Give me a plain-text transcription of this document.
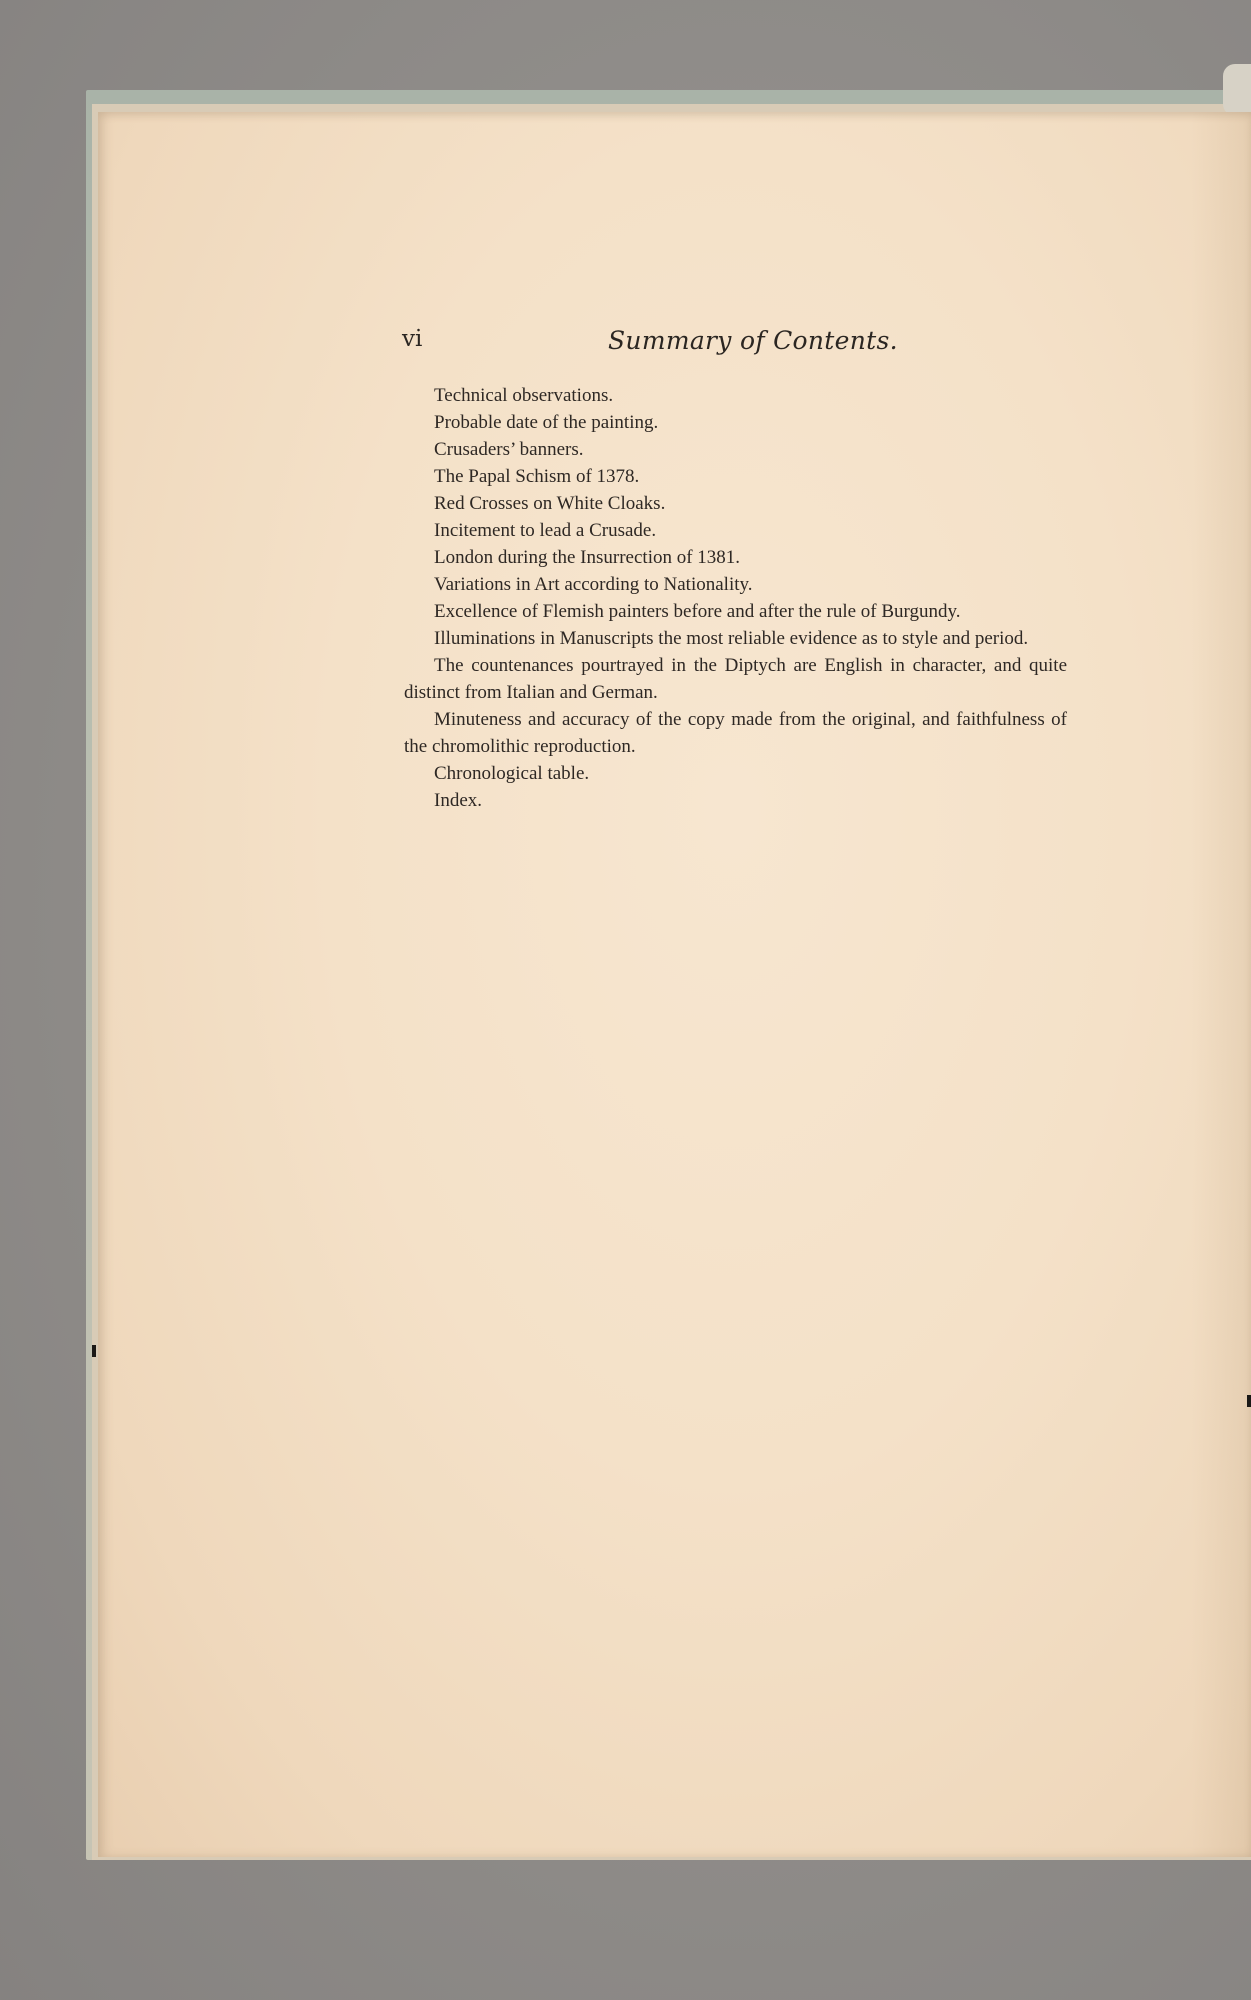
vi	Summary of Contents.

Technical observations.

Probable date of the painting.

Crusaders’ banners.

The Papal Schism of 1378.

Red Crosses on White Cloaks.

Incitement to lead a Crusade.

London during the Insurrection of 1381.

Variations in Art according to Nationality.

Excellence of Flemish painters before and after the rule of Burgundy.

Illuminations in Manuscripts the most reliable evidence as to style and period.

The countenances pourtrayed in the Diptych are English in character, and quite distinct from Italian and German.

Minuteness and accuracy of the copy made from the original, and faithfulness of the chromolithic reproduction.

Chronological table.

Index.
